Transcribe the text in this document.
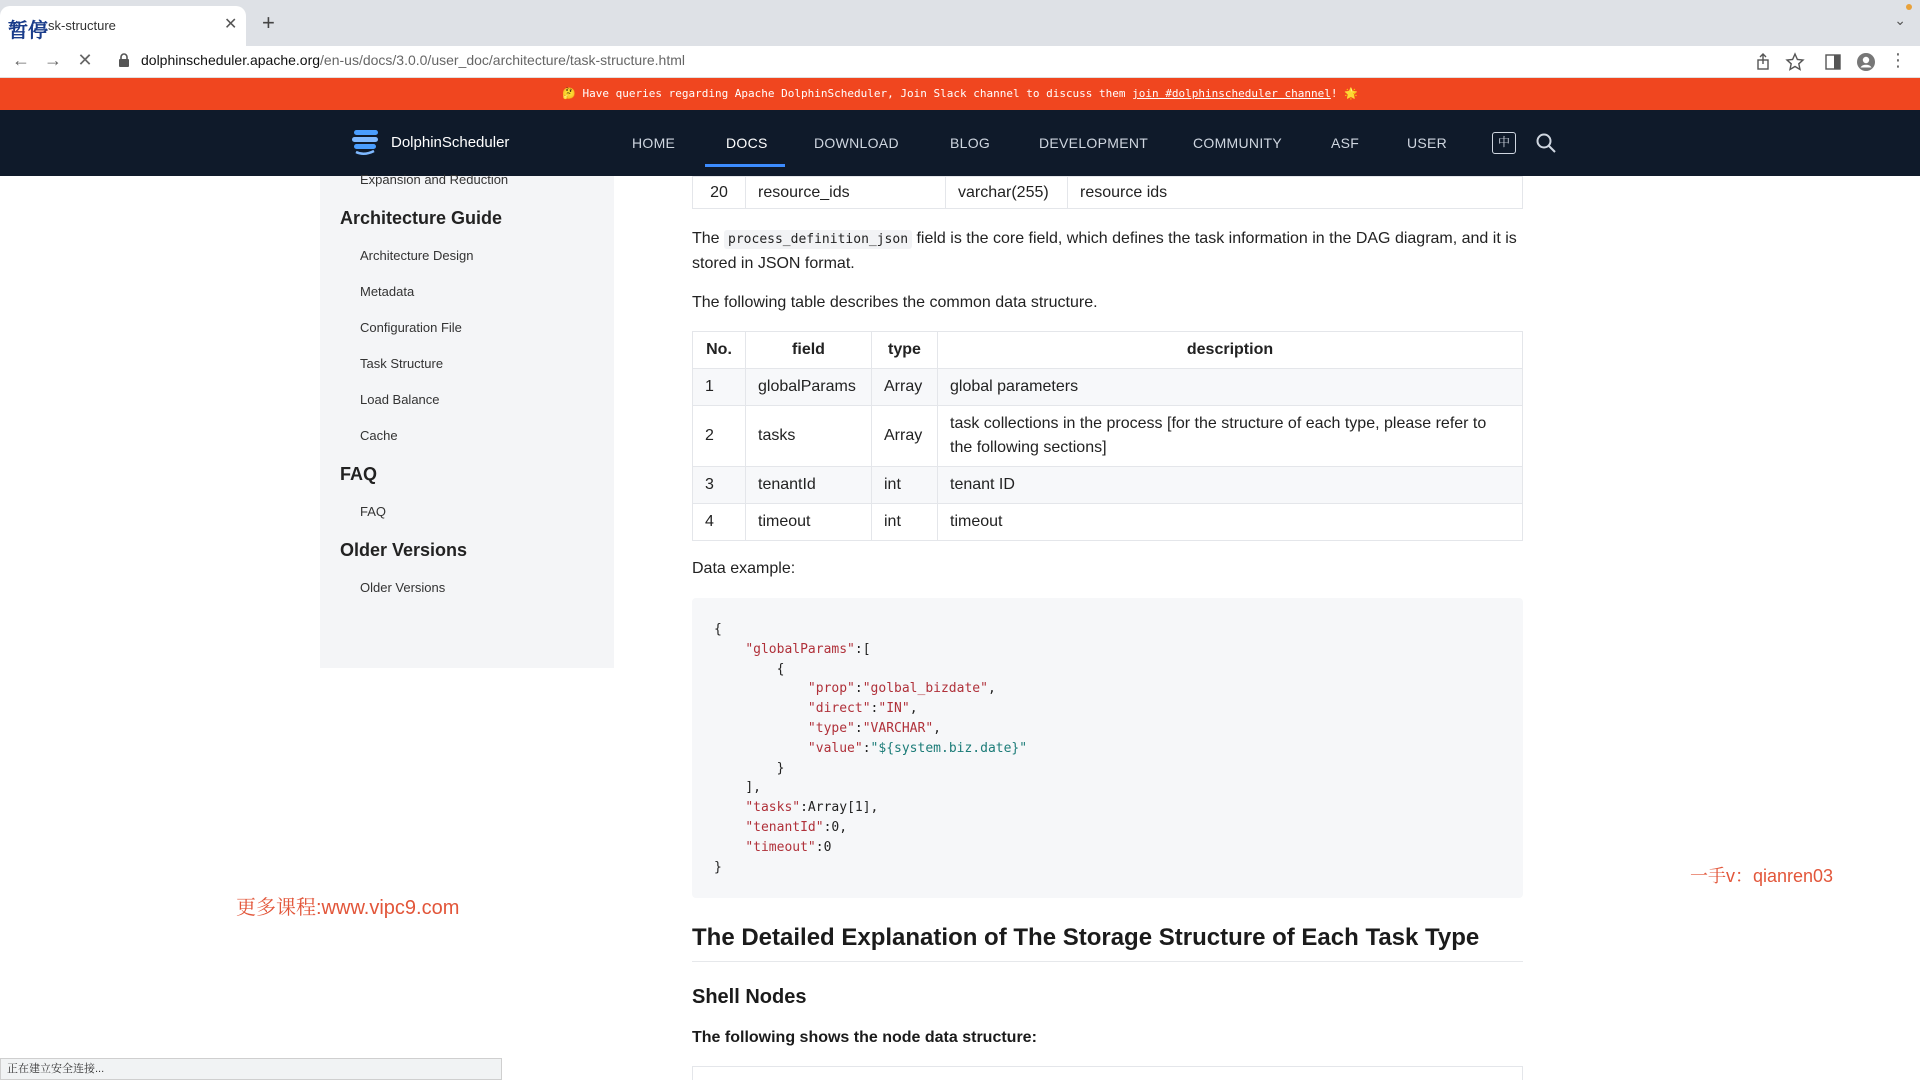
暂停 sk-structure	✕ +	⌄
← → ✕	dolphinscheduler.apache.org/en-us/docs/3.0.0/user_doc/architecture/task-structure.html	⋮
🤔 Have queries regarding Apache DolphinScheduler, Join Slack channel to discuss them join #dolphinscheduler channel! 🌟
DolphinScheduler	HOME	DOCS	DOWNLOAD	BLOG	DEVELOPMENT	COMMUNITY	ASF	USER	中
Expansion and Reduction
Architecture Guide
Architecture Design
Metadata
Configuration File
Task Structure
Load Balance
Cache
FAQ
FAQ
Older Versions
Older Versions
20	resource_ids	varchar(255)	resource ids

The process_definition_json field is the core field, which defines the task information in the DAG diagram, and it is stored in JSON format.

The following table describes the common data structure.

No.	field	type	description
1	globalParams	Array	global parameters
2	tasks	Array	task collections in the process [for the structure of each type, please refer to the following sections]
3	tenantId	int	tenant ID
4	timeout	int	timeout

Data example:

{
"globalParams":[
{
"prop":"golbal_bizdate",
"direct":"IN",
"type":"VARCHAR",
"value":"${system.biz.date}"
}
],
"tasks":Array[1],
"tenantId":0,
"timeout":0
}
The Detailed Explanation of The Storage Structure of Each Task Type
Shell Nodes

The following shows the node data structure:

更多课程:www.vipc9.com
一手v：qianren03
正在建立安全连接...
